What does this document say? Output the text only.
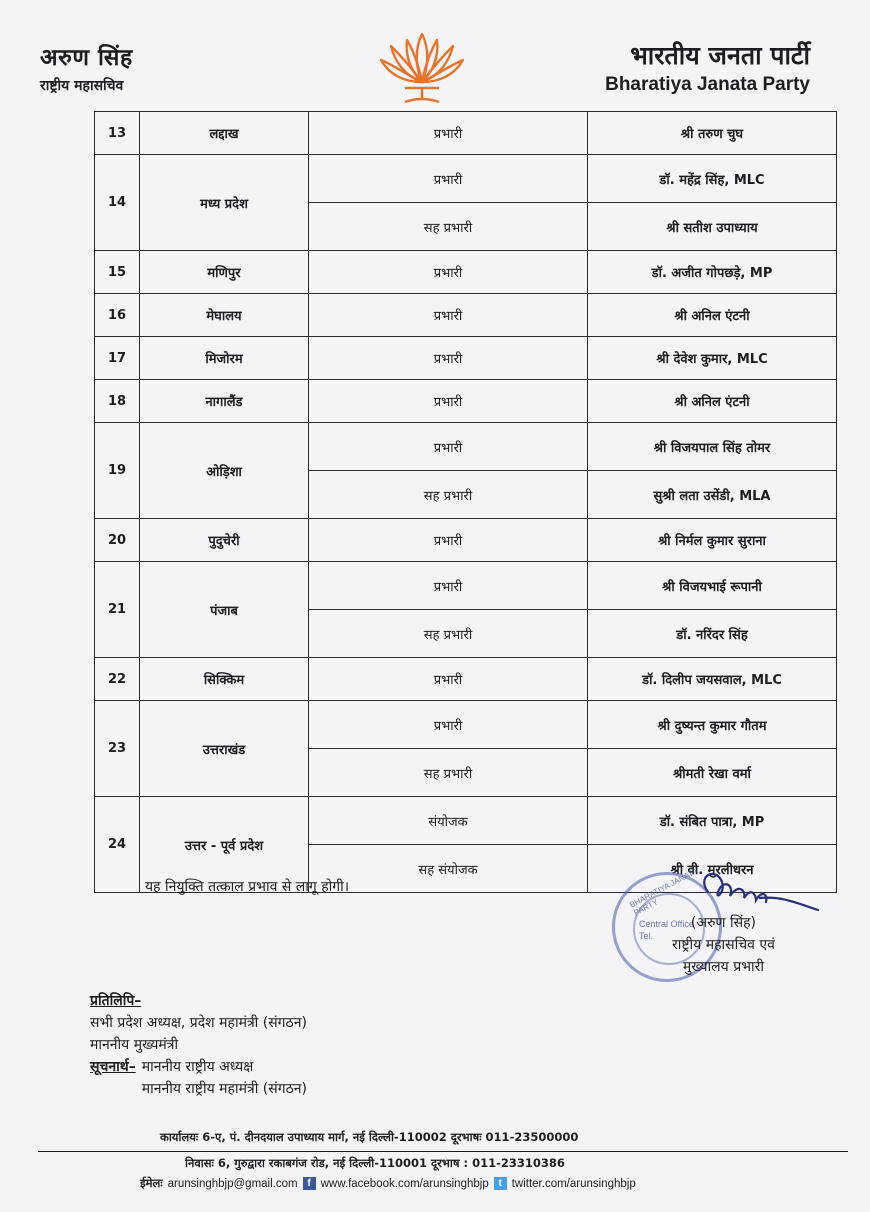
अरुण सिंह
राष्ट्रीय महासचिव
भारतीय जनता पार्टी
Bharatiya Janata Party
13	लद्दाख	प्रभारी	श्री तरुण चुघ
14	मध्य प्रदेश	प्रभारी	डॉ. महेंद्र सिंह, MLC
		सह प्रभारी	श्री सतीश उपाध्याय
15	मणिपुर	प्रभारी	डॉ. अजीत गोपछड़े, MP
16	मेघालय	प्रभारी	श्री अनिल एंटनी
17	मिजोरम	प्रभारी	श्री देवेश कुमार, MLC
18	नागालैंड	प्रभारी	श्री अनिल एंटनी
19	ओड़िशा	प्रभारी	श्री विजयपाल सिंह तोमर
		सह प्रभारी	सुश्री लता उसेंडी, MLA
20	पुदुचेरी	प्रभारी	श्री निर्मल कुमार सुराना
21	पंजाब	प्रभारी	श्री विजयभाई रूपानी
		सह प्रभारी	डॉ. नरिंदर सिंह
22	सिक्किम	प्रभारी	डॉ. दिलीप जयसवाल, MLC
23	उत्तराखंड	प्रभारी	श्री दुष्यन्त कुमार गौतम
		सह प्रभारी	श्रीमती रेखा वर्मा
24	उत्तर - पूर्व प्रदेश	संयोजक	डॉ. संबित पात्रा, MP
		सह संयोजक	श्री वी. मुरलीधरन
यह नियुक्ति तत्काल प्रभाव से लागू होगी।	BHARATIYA JANATA PARTY
Central Office
Tel.
(अरुण सिंह)
राष्ट्रीय महासचिव एवं
मुख्यालय प्रभारी
प्रतिलिपि–
सभी प्रदेश अध्यक्ष, प्रदेश महामंत्री (संगठन)
माननीय मुख्यमंत्री
सूचनार्थ– माननीय राष्ट्रीय अध्यक्ष
माननीय राष्ट्रीय महामंत्री (संगठन)
कार्यालयः 6-ए, पं. दीनदयाल उपाध्याय मार्ग, नई दिल्ली-110002 दूरभाषः 011-23500000
निवासः 6, गुरुद्वारा रकाबगंज रोड, नई दिल्ली-110001 दूरभाष : 011-23310386
ईमेलः arunsinghbjp@gmail.com f www.facebook.com/arunsinghbjp t twitter.com/arunsinghbjp
